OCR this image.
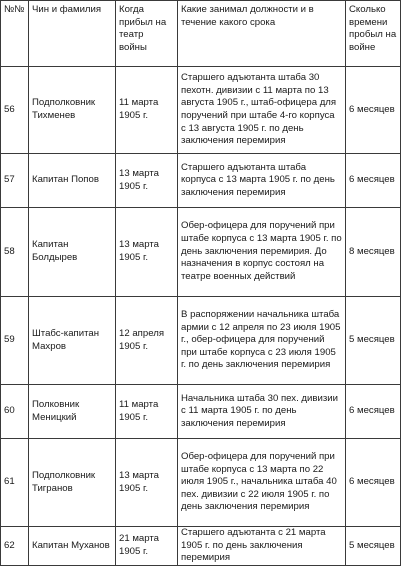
№№	Чин и фамилия	Когда прибыл на театр войны	Какие занимал должности и в течение какого срока	Сколько времени пробыл на войне
56	Подполковник Тихменев	11 марта 1905 г.	Старшего адъютанта штаба 30 пехотн. дивизии с 11 марта по 13 августа 1905 г., штаб-офицера для поручений при штабе 4-го корпуса с 13 августа 1905 г. по день заключения перемирия	6 месяцев
57	Капитан Попов	13 марта 1905 г.	Старшего адъютанта штаба корпуса с 13 марта 1905 г. по день заключения перемирия	6 месяцев
58	Капитан Болдырев	13 марта 1905 г.	Обер-офицера для поручений при штабе корпуса с 13 марта 1905 г. по день заключения перемирия. До назначения в корпус состоял на театре военных действий	8 месяцев
59	Штабс-капитан Махров	12 апреля 1905 г.	В распоряжении начальника штаба армии с 12 апреля по 23 июля 1905 г., обер-офицера для поручений при штабе корпуса с 23 июля 1905 г. по день заключения перемирия	5 месяцев
60	Полковник Меницкий	11 марта 1905 г.	Начальника штаба 30 пех. дивизии с 11 марта 1905 г. по день заключения перемирия	6 месяцев
61	Подполковник Тигранов	13 марта 1905 г.	Обер-офицера для поручений при штабе корпуса с 13 марта по 22 июля 1905 г., начальника штаба 40 пех. дивизии с 22 июля 1905 г. по день заключения перемирия	6 месяцев
62	Капитан Муханов	21 марта 1905 г.	Старшего адъютанта с 21 марта 1905 г. по день заключения перемирия	5 месяцев
